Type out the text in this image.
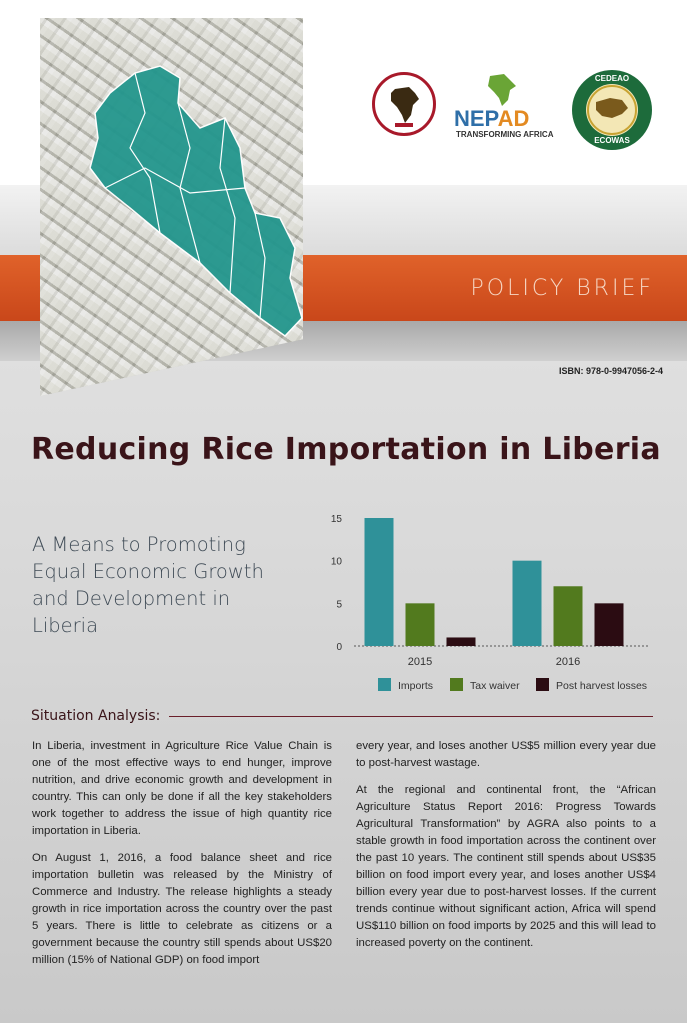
POLICY BRIEF
NEPAD
TRANSFORMING AFRICA
CEDEAO
ECOWAS
ISBN: 978-0-9947056-2-4
Reducing Rice Importation in Liberia

A Means to Promoting Equal Economic Growth and Development in Liberia

0
5
10
15
2015	2016
Imports	Tax waiver	Post harvest losses
Situation Analysis:

In Liberia, investment in Agriculture Rice Value Chain is one of the most effective ways to end hunger, improve nutrition, and drive economic growth and development in country. This can only be done if all the key stakeholders work together to address the issue of high quantity rice importation in Liberia.

On August 1, 2016, a food balance sheet and rice importation bulletin was released by the Ministry of Commerce and Industry. The release highlights a steady growth in rice importation across the country over the past 5 years. There is little to celebrate as citizens or a government because the country still spends about US$20 million (15% of National GDP) on food import

every year, and loses another US$5 million every year due to post-harvest wastage.

At the regional and continental front, the “African Agriculture Status Report 2016: Progress Towards Agricultural Transformation” by AGRA also points to a stable growth in food importation across the continent over the past 10 years. The continent still spends about US$35 billion on food import every year, and loses another US$4 billion every year due to post-harvest losses. If the current trends continue without significant action, Africa will spend US$110 billion on food imports by 2025 and this will lead to increased poverty on the continent.
